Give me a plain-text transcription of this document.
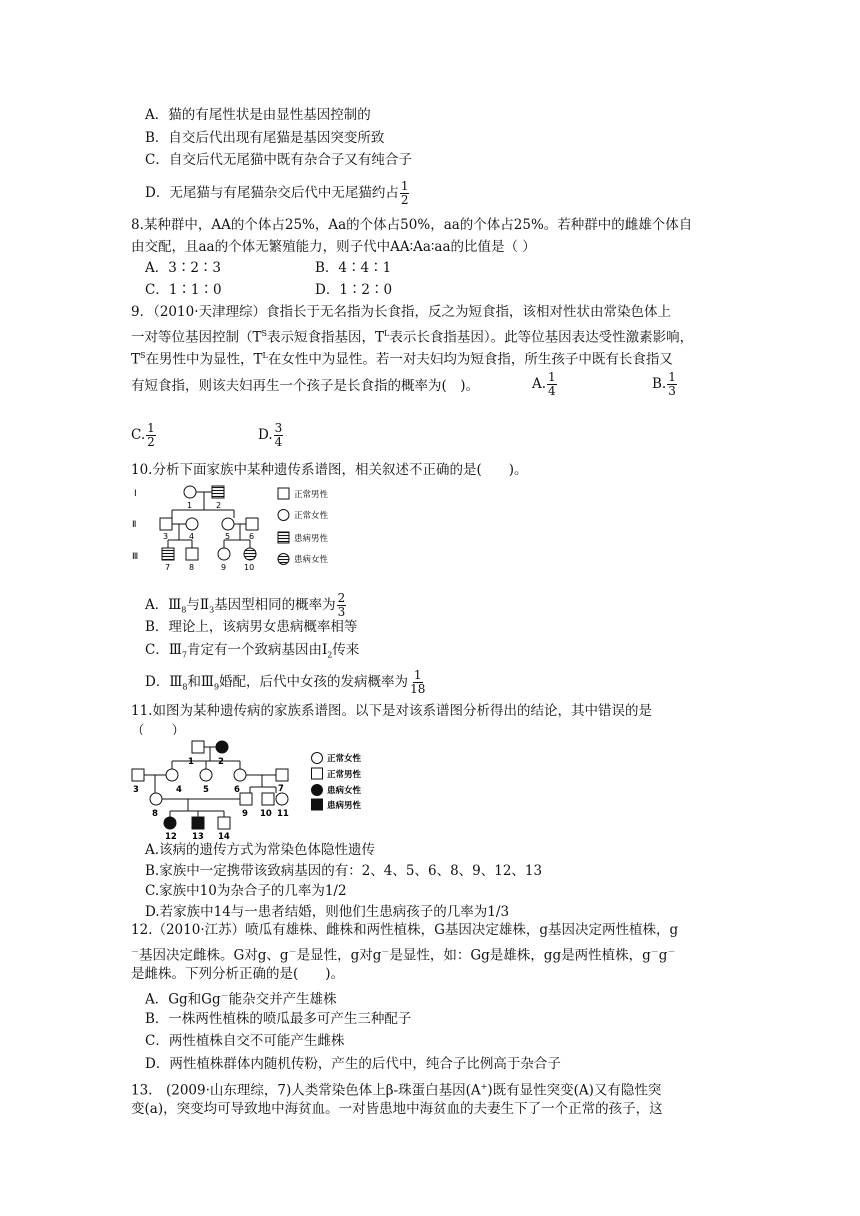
A．猫的有尾性状是由显性基因控制的
B．自交后代出现有尾猫是基因突变所致
C．自交后代无尾猫中既有杂合子又有纯合子
D．无尾猫与有尾猫杂交后代中无尾猫约占 $\frac{1}{2}$
8.某种群中，AA的个体占25%，Aa的个体占50%，aa的个体占25%。若种群中的雌雄个体自
由交配，且aa的个体无繁殖能力，则子代中AA∶Aa∶aa的比值是（ ）
A．3∶2∶3	B．4∶4∶1
C．1∶1∶0	D．1∶2∶0
9．（2010·天津理综）食指长于无名指为长食指，反之为短食指，该相对性状由常染色体上
一对等位基因控制（$T^S$表示短食指基因，$T^L$表示长食指基因）。此等位基因表达受性激素影响，
$T^S$在男性中为显性，$T^L$在女性中为显性。若一对夫妇均为短食指，所生孩子中既有长食指又
有短食指，则该夫妇再生一个孩子是长食指的概率为(　)。	A. $\frac{1}{4}$	B. $\frac{1}{3}$
C. $\frac{1}{2}$	D. $\frac{3}{4}$
10.分析下面家族中某种遗传系谱图，相关叙述不正确的是(　　)。
Ⅰ
Ⅱ
Ⅲ
1	2
3	4	5 6
7 8	9 10
正常男性
正常女性
患病男性
患病女性
A．$Ⅲ_8$与$Ⅱ_3$基因型相同的概率为 $\frac{2}{3}$
B．理论上，该病男女患病概率相等
C．$Ⅲ_7$肯定有一个致病基因由$Ⅰ_2$传来
D．$Ⅲ_8$和$Ⅲ_9$婚配，后代中女孩的发病概率为 $\frac{1}{18}$
11.如图为某种遗传病的家族系谱图。以下是对该系谱图分析得出的结论，其中错误的是
（　　）
1	2
3	4 5	6	7
8	9 10 11
12 13 14
正常女性
正常男性
患病女性
患病男性
A.该病的遗传方式为常染色体隐性遗传
B.家族中一定携带该致病基因的有：2、4、5、6、8、9、12、13
C.家族中10为杂合子的几率为1/2
D.若家族中14与一患者结婚，则他们生患病孩子的几率为1/3
12.（2010·江苏）喷瓜有雄株、雌株和两性植株，G基因决定雄株，g基因决定两性植株，g
－基因决定雌株。G对g、g－是显性，g对g－是显性，如：Gg是雄株，gg是两性植株，g－g－
是雌株。下列分析正确的是(　　)。
A．Gg和Gg－能杂交并产生雄株
B．一株两性植株的喷瓜最多可产生三种配子
C．两性植株自交不可能产生雌株
D．两性植株群体内随机传粉，产生的后代中，纯合子比例高于杂合子
13.　(2009·山东理综，7)人类常染色体上β-珠蛋白基因(A+)既有显性突变(A)又有隐性突
变(a)，突变均可导致地中海贫血。一对皆患地中海贫血的夫妻生下了一个正常的孩子，这
